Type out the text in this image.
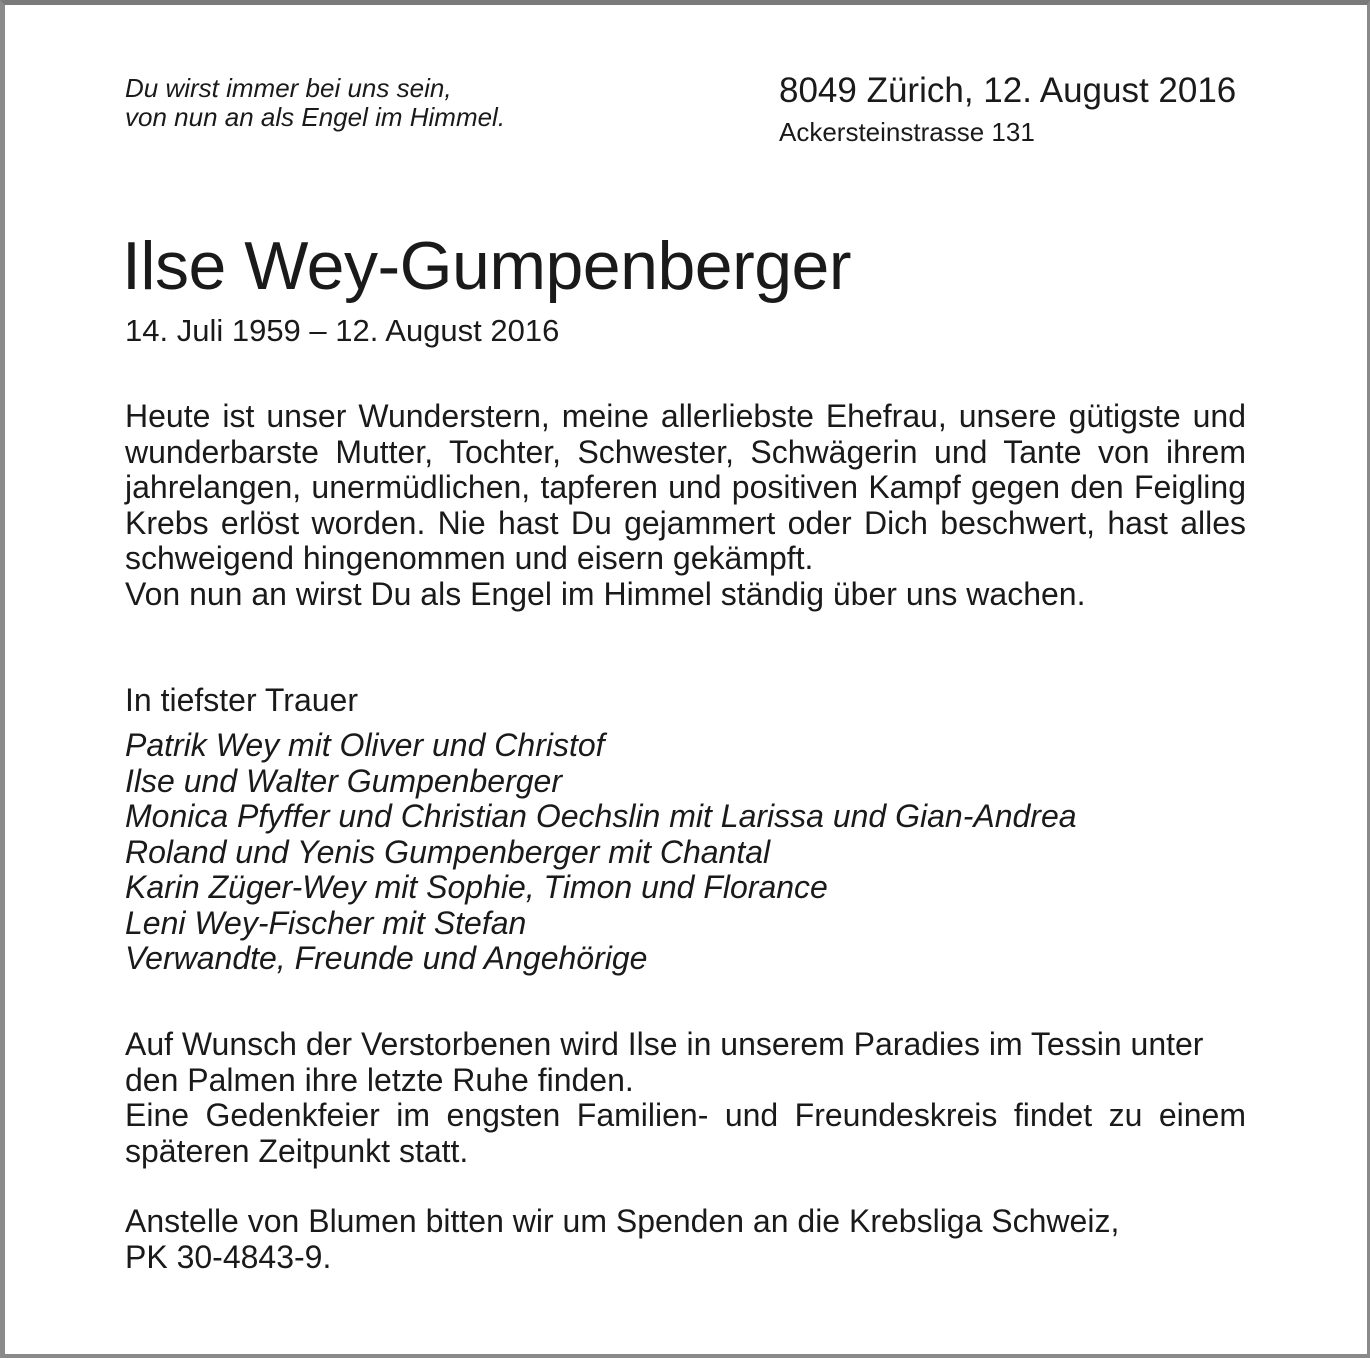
Du wirst immer bei uns sein,
von nun an als Engel im Himmel.
8049 Zürich, 12. August 2016
Ackersteinstrasse 131
Ilse Wey-Gumpenberger
14. Juli 1959 – 12. August 2016
Heute ist unser Wunderstern, meine allerliebste Ehefrau, unsere gütigste und wunderbarste Mutter, Tochter, Schwester, Schwägerin und Tante von ihrem jahrelangen, unermüdlichen, tapferen und positiven Kampf gegen den Feigling Krebs erlöst worden. Nie hast Du gejammert oder Dich beschwert, hast alles schweigend hingenommen und eisern gekämpft.
Von nun an wirst Du als Engel im Himmel ständig über uns wachen.
In tiefster Trauer
Patrik Wey mit Oliver und Christof
Ilse und Walter Gumpenberger
Monica Pfyffer und Christian Oechslin mit Larissa und Gian-Andrea
Roland und Yenis Gumpenberger mit Chantal
Karin Züger-Wey mit Sophie, Timon und Florance
Leni Wey-Fischer mit Stefan
Verwandte, Freunde und Angehörige
Auf Wunsch der Verstorbenen wird Ilse in unserem Paradies im Tessin unter den Palmen ihre letzte Ruhe finden.
Eine Gedenkfeier im engsten Familien- und Freundeskreis findet zu einem späteren Zeitpunkt statt.
Anstelle von Blumen bitten wir um Spenden an die Krebsliga Schweiz,
PK 30-4843-9.
